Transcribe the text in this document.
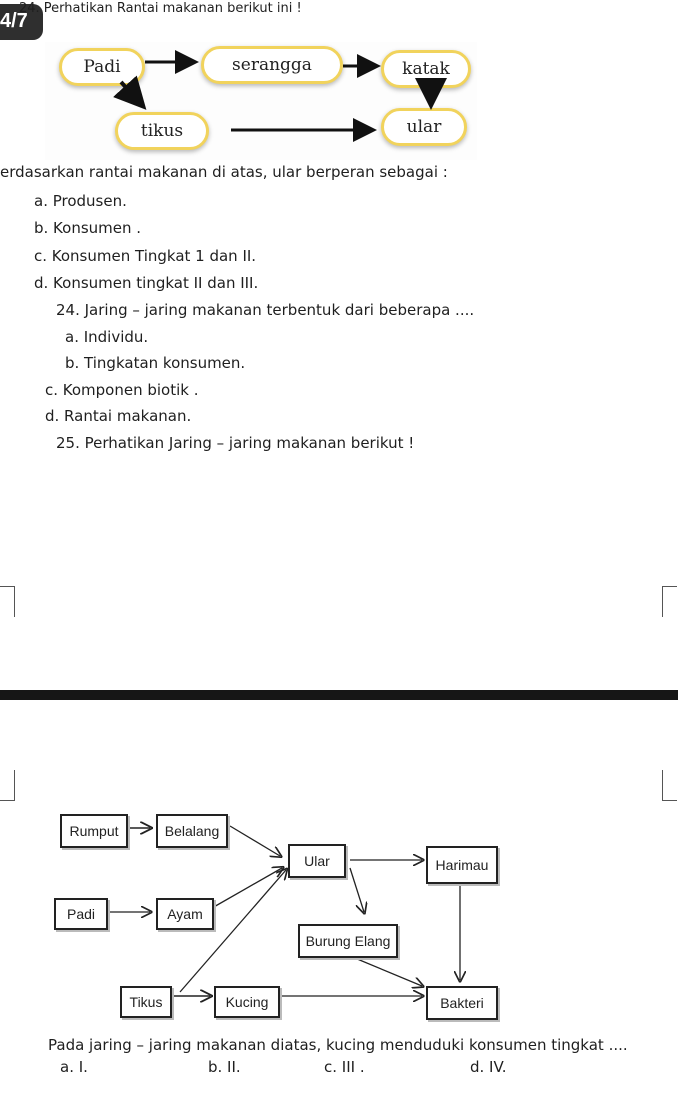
4/7
24. Perhatikan Rantai makanan berikut ini !
Padi	serangga	katak
tikus	ular
erdasarkan rantai makanan di atas, ular berperan sebagai :
a. Produsen.
b. Konsumen .
c. Konsumen Tingkat 1 dan II.
d. Konsumen tingkat II dan III.
24. Jaring – jaring makanan terbentuk dari beberapa ....
a. Individu.
b. Tingkatan konsumen.
c. Komponen biotik .
d. Rantai makanan.
25. Perhatikan Jaring – jaring makanan berikut !
Rumput	Belalang
Ular	Harimau
Padi	Ayam
Burung Elang
Tikus	Kucing	Bakteri
Pada jaring – jaring makanan diatas, kucing menduduki konsumen tingkat ....
a. I.	b. II.	c. III .	d. IV.
